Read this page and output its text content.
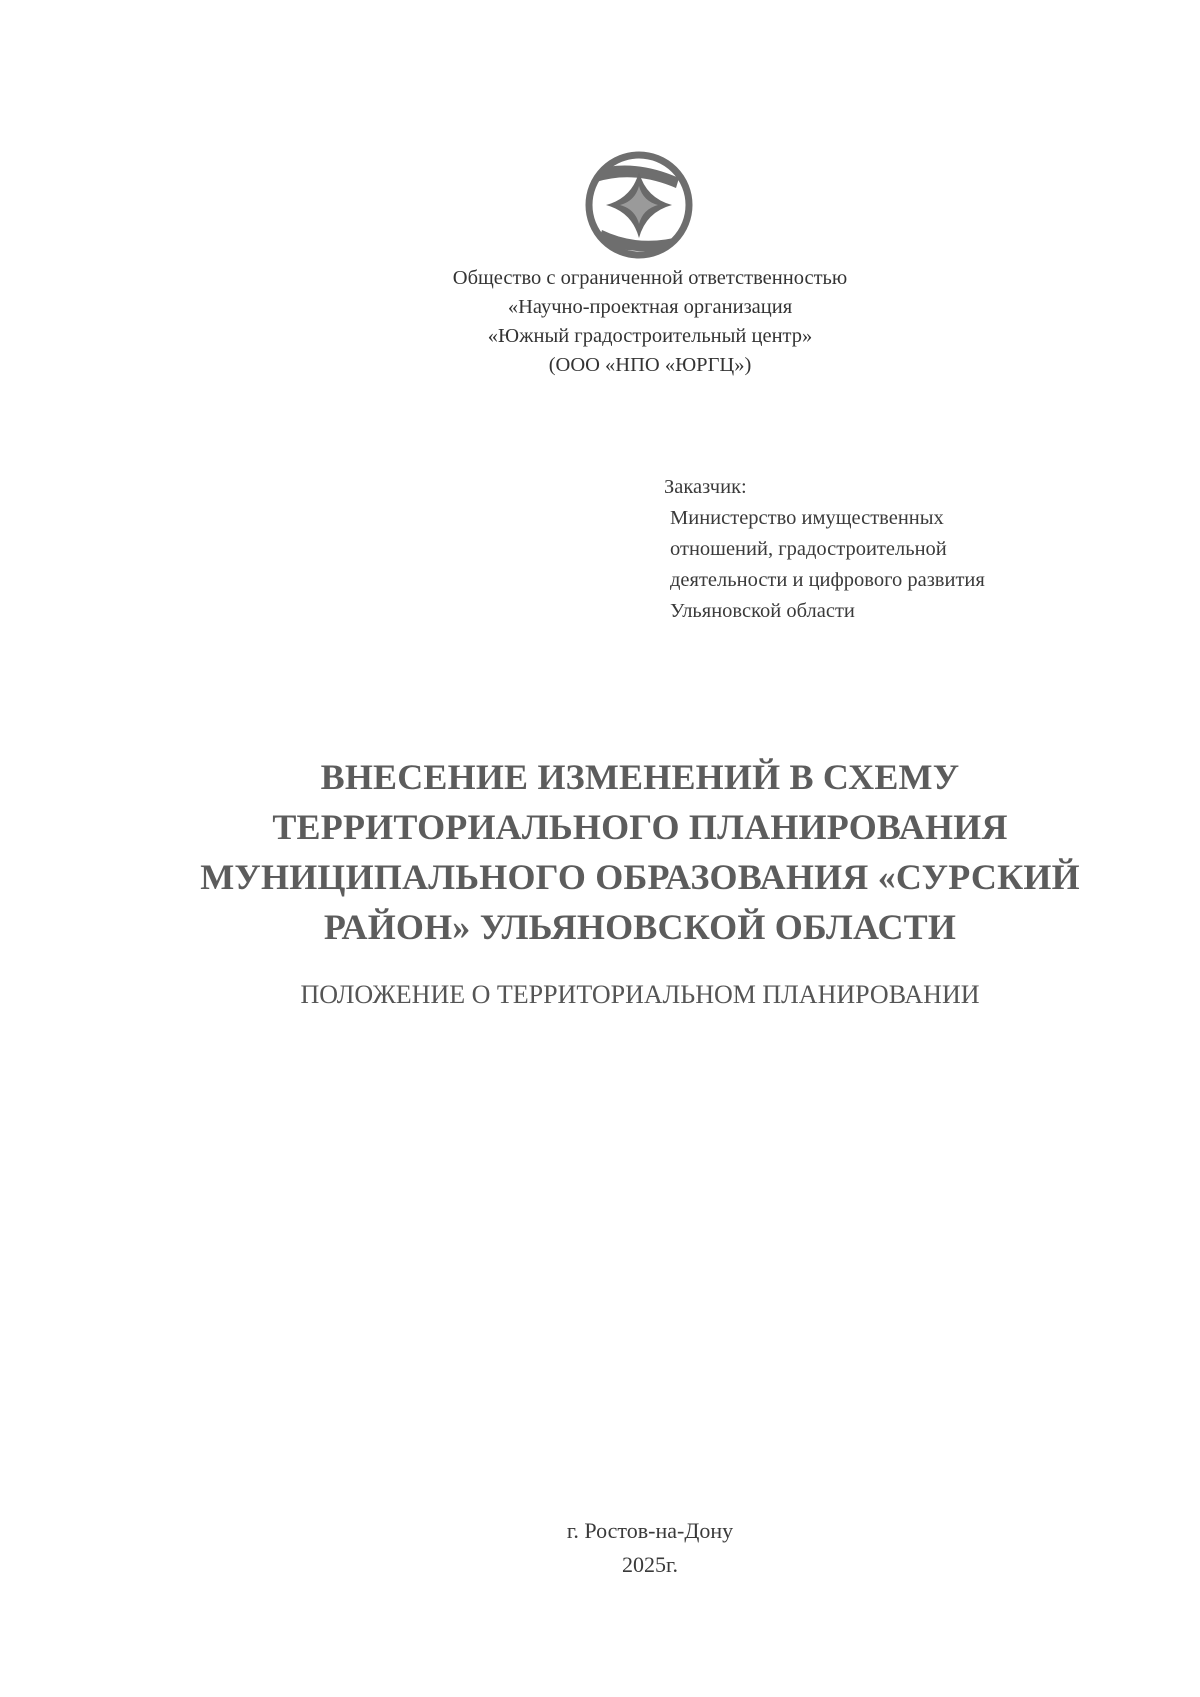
Общество с ограниченной ответственностью
«Научно-проектная организация
«Южный градостроительный центр»
(ООО «НПО «ЮРГЦ»)
Заказчик:
Министерство имущественных
отношений, градостроительной
деятельности и цифрового развития
Ульяновской области
ВНЕСЕНИЕ ИЗМЕНЕНИЙ В СХЕМУ
ТЕРРИТОРИАЛЬНОГО ПЛАНИРОВАНИЯ
МУНИЦИПАЛЬНОГО ОБРАЗОВАНИЯ «СУРСКИЙ
РАЙОН» УЛЬЯНОВСКОЙ ОБЛАСТИ
ПОЛОЖЕНИЕ О ТЕРРИТОРИАЛЬНОМ ПЛАНИРОВАНИИ
г. Ростов-на-Дону
2025г.
